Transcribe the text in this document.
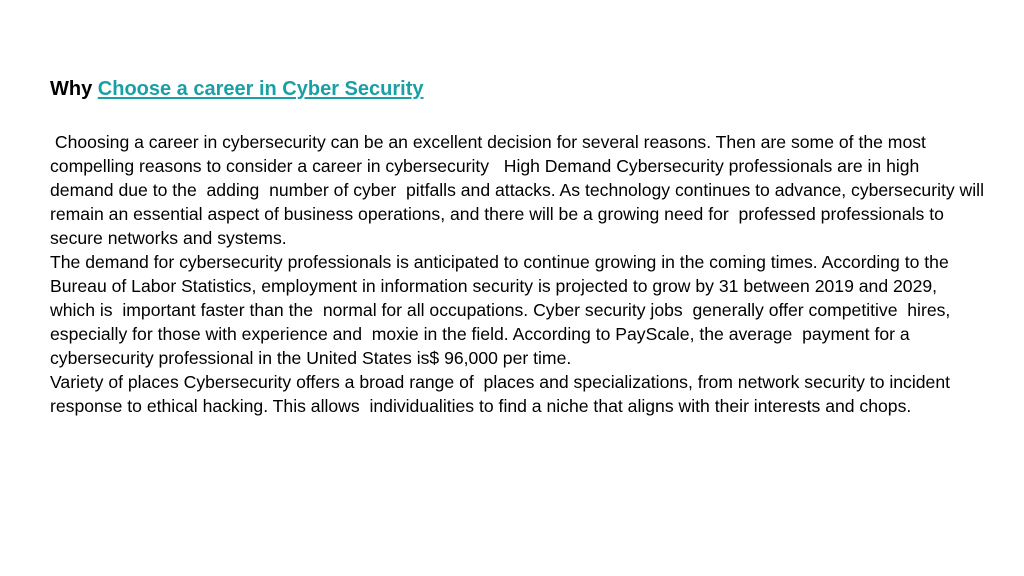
Why Choose a career in Cyber Security

Choosing a career in cybersecurity can be an excellent decision for several reasons. Then are some of the most compelling reasons to consider a career in cybersecurity   High Demand Cybersecurity professionals are in high demand due to the  adding  number of cyber  pitfalls and attacks. As technology continues to advance, cybersecurity will remain an essential aspect of business operations, and there will be a growing need for  professed professionals to secure networks and systems.

The demand for cybersecurity professionals is anticipated to continue growing in the coming times. According to the Bureau of Labor Statistics, employment in information security is projected to grow by 31 between 2019 and 2029, which is  important faster than the  normal for all occupations. Cyber security jobs  generally offer competitive  hires, especially for those with experience and  moxie in the field. According to PayScale, the average  payment for a cybersecurity professional in the United States is$ 96,000 per time.

Variety of places Cybersecurity offers a broad range of  places and specializations, from network security to incident response to ethical hacking. This allows  individualities to find a niche that aligns with their interests and chops.
